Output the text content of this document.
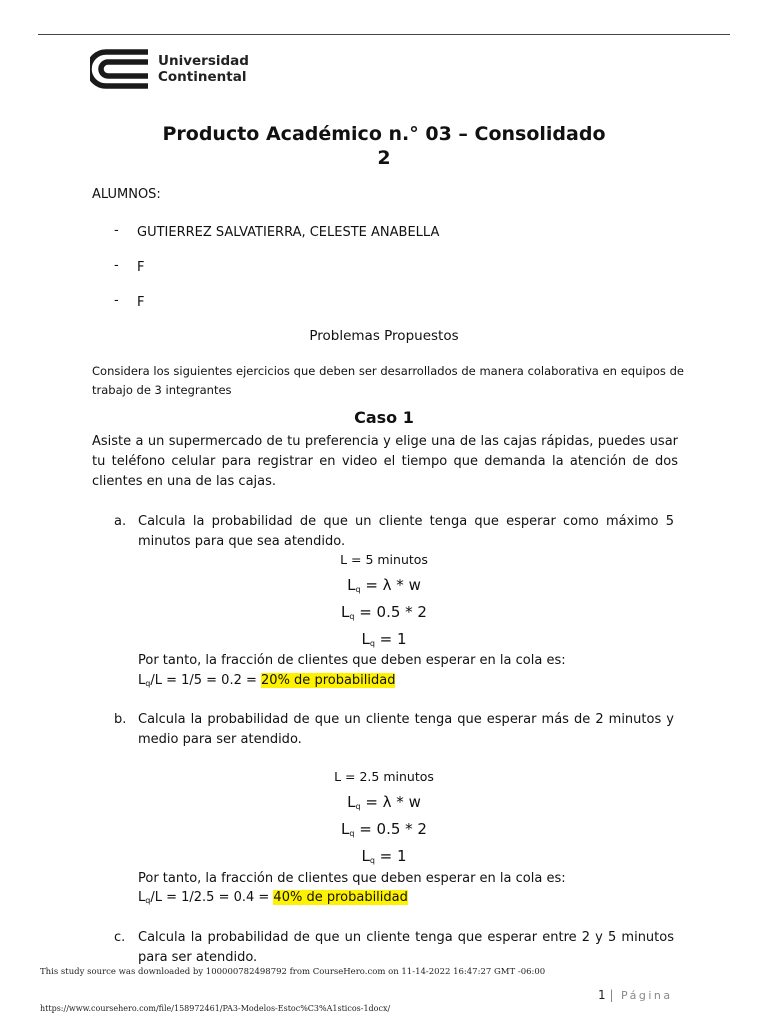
Universidad
Continental
Producto Académico n.° 03 – Consolidado
2
ALUMNOS:
- GUTIERREZ SALVATIERRA, CELESTE ANABELLA
- F
- F
Problemas Propuestos
Considera los siguientes ejercicios que deben ser desarrollados de manera colaborativa en equipos de trabajo de 3 integrantes
Caso 1
Asiste a un supermercado de tu preferencia y elige una de las cajas rápidas, puedes usar tu teléfono celular para registrar en video el tiempo que demanda la atención de dos clientes en una de las cajas.
a. Calcula la probabilidad de que un cliente tenga que esperar como máximo 5 minutos para que sea atendido.
L = 5 minutos
$L_q = \lambda * w$
$L_q = 0.5 * 2$
$L_q = 1$
Por tanto, la fracción de clientes que deben esperar en la cola es:
$L_q/L = 1/5 = 0.2 = 20\%$ de probabilidad
b. Calcula la probabilidad de que un cliente tenga que esperar más de 2 minutos y medio para ser atendido.
L = 2.5 minutos
$L_q = \lambda * w$
$L_q = 0.5 * 2$
$L_q = 1$
Por tanto, la fracción de clientes que deben esperar en la cola es:
$L_q/L = 1/2.5 = 0.4 = 40\%$ de probabilidad
c. Calcula la probabilidad de que un cliente tenga que esperar entre 2 y 5 minutos para ser atendido.
This study source was downloaded by 100000782498792 from CourseHero.com on 11-14-2022 16:47:27 GMT -06:00
1 | Página
https://www.coursehero.com/file/158972461/PA3-Modelos-Estoc%C3%A1sticos-1docx/
